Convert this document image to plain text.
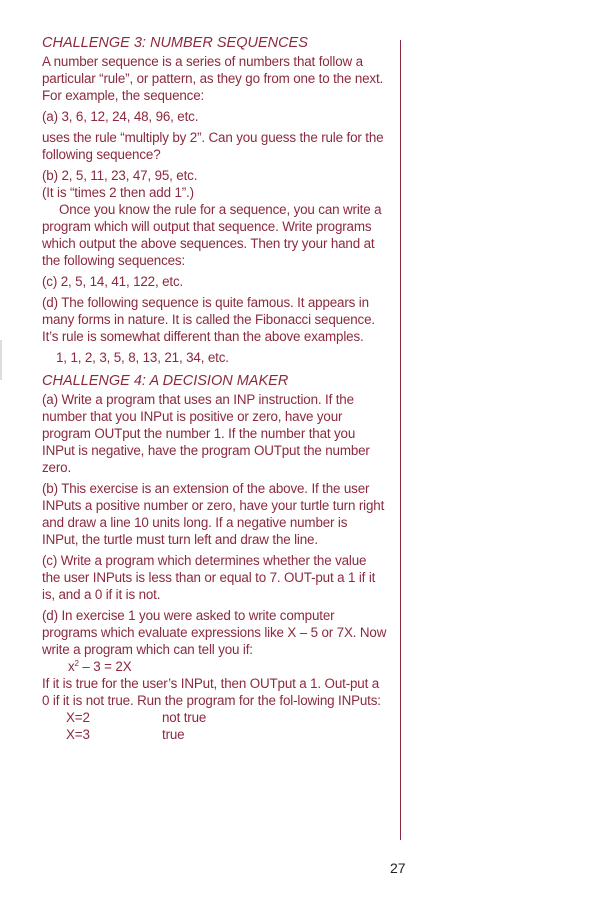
CHALLENGE 3: NUMBER SEQUENCES

A number sequence is a series of numbers that follow a particular “rule”, or pattern, as they go from one to the next. For example, the sequence:

(a) 3, 6, 12, 24, 48, 96, etc.

uses the rule “multiply by 2”. Can you guess the rule for the following sequence?

(b) 2, 5, 11, 23, 47, 95, etc.

(It is “times 2 then add 1”.)

Once you know the rule for a sequence, you can write a program which will output that sequence. Write programs which output the above sequences. Then try your hand at the following sequences:

(c) 2, 5, 14, 41, 122, etc.

(d) The following sequence is quite famous. It appears in many forms in nature. It is called the Fibonacci sequence. It’s rule is somewhat different than the above examples.

1, 1, 2, 3, 5, 8, 13, 21, 34, etc.

CHALLENGE 4: A DECISION MAKER

(a) Write a program that uses an INP instruction. If the number that you INPut is positive or zero, have your program OUTput the number 1. If the number that you INPut is negative, have the program OUTput the number zero.

(b) This exercise is an extension of the above. If the user INPuts a positive number or zero, have your turtle turn right and draw a line 10 units long. If a negative number is INPut, the turtle must turn left and draw the line.

(c) Write a program which determines whether the value the user INPuts is less than or equal to 7. OUT-put a 1 if it is, and a 0 if it is not.

(d) In exercise 1 you were asked to write computer programs which evaluate expressions like X – 5 or 7X. Now write a program which can tell you if:

$x^2 - 3 = 2X$

If it is true for the user’s INPut, then OUTput a 1. Out-put a 0 if it is not true. Run the program for the fol-lowing INPuts:

X=2	not true
X=3	true
27
